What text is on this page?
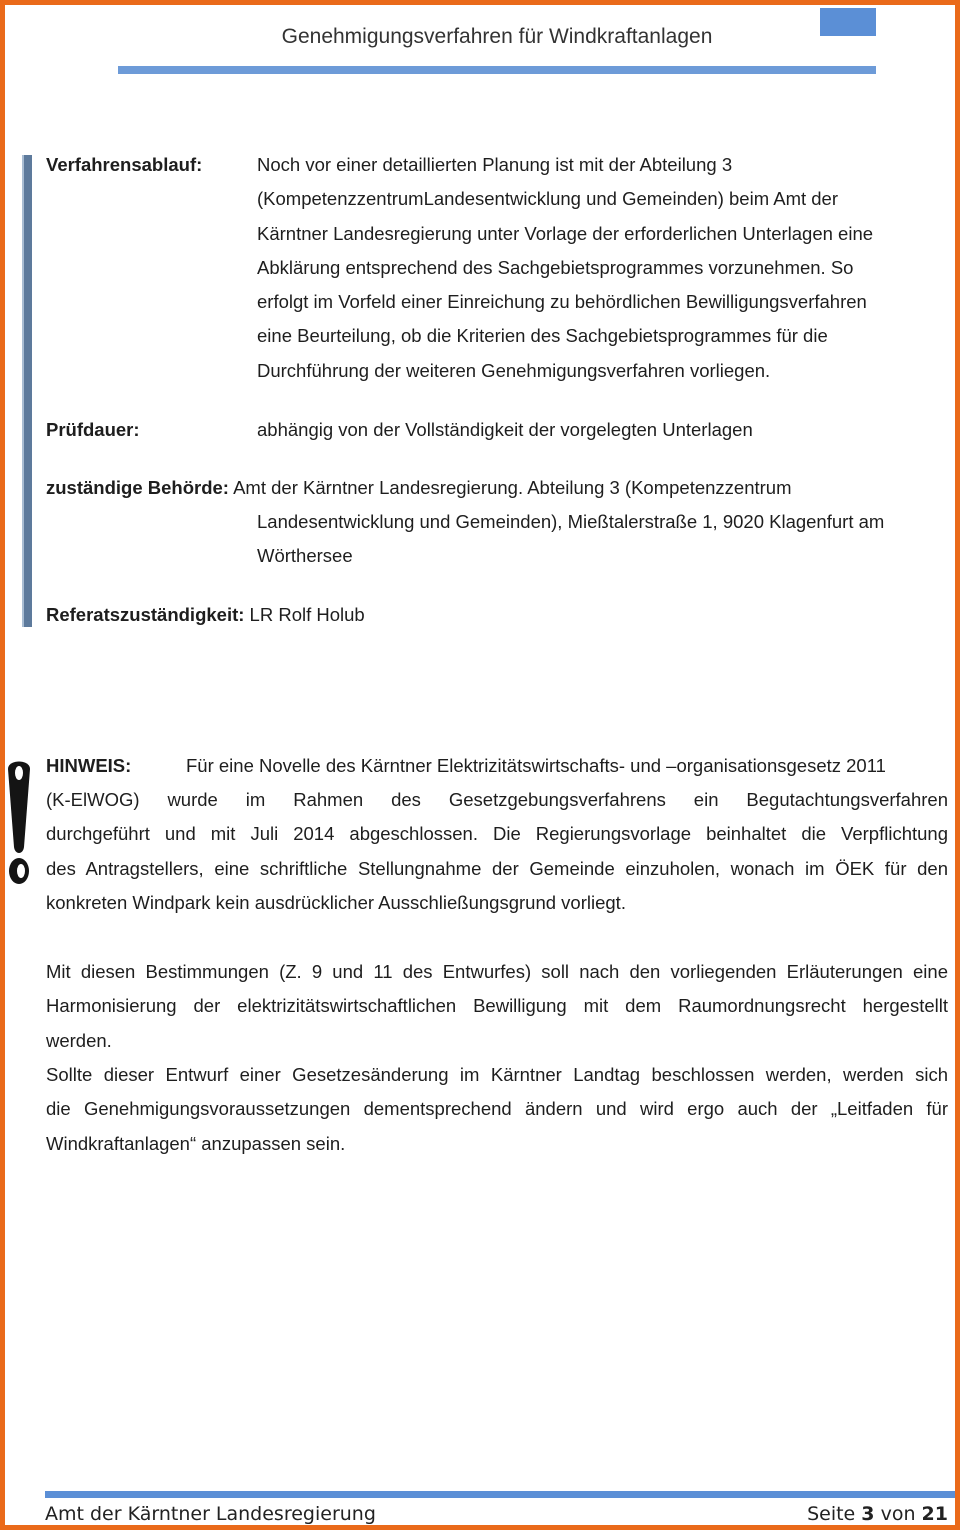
Genehmigungsverfahren für Windkraftanlagen
Verfahrensablauf:	Noch vor einer detaillierten Planung ist mit der Abteilung 3
(KompetenzzentrumLandesentwicklung und Gemeinden) beim Amt der
Kärntner Landesregierung unter Vorlage der erforderlichen Unterlagen eine
Abklärung entsprechend des Sachgebietsprogrammes vorzunehmen. So
erfolgt im Vorfeld einer Einreichung zu behördlichen Bewilligungsverfahren
eine Beurteilung, ob die Kriterien des Sachgebietsprogrammes für die
Durchführung der weiteren Genehmigungsverfahren vorliegen.
Prüfdauer:	abhängig von der Vollständigkeit der vorgelegten Unterlagen
zuständige Behörde: Amt der Kärntner Landesregierung. Abteilung 3 (Kompetenzzentrum
Landesentwicklung und Gemeinden), Mießtalerstraße 1, 9020 Klagenfurt am
Wörthersee
Referatszuständigkeit: LR Rolf Holub
HINWEIS:	Für eine Novelle des Kärntner Elektrizitätswirtschafts- und –organisationsgesetz 2011
(K-ElWOG) wurde im Rahmen des Gesetzgebungsverfahrens ein Begutachtungsverfahren
durchgeführt und mit Juli 2014 abgeschlossen. Die Regierungsvorlage beinhaltet die Verpflichtung
des Antragstellers, eine schriftliche Stellungnahme der Gemeinde einzuholen, wonach im ÖEK für den
konkreten Windpark kein ausdrücklicher Ausschließungsgrund vorliegt.
Mit diesen Bestimmungen (Z. 9 und 11 des Entwurfes) soll nach den vorliegenden Erläuterungen eine
Harmonisierung der elektrizitätswirtschaftlichen Bewilligung mit dem Raumordnungsrecht hergestellt
werden.
Sollte dieser Entwurf einer Gesetzesänderung im Kärntner Landtag beschlossen werden, werden sich
die Genehmigungsvoraussetzungen dementsprechend ändern und wird ergo auch der „Leitfaden für
Windkraftanlagen“ anzupassen sein.
Amt der Kärntner Landesregierung	Seite 3 von 21
